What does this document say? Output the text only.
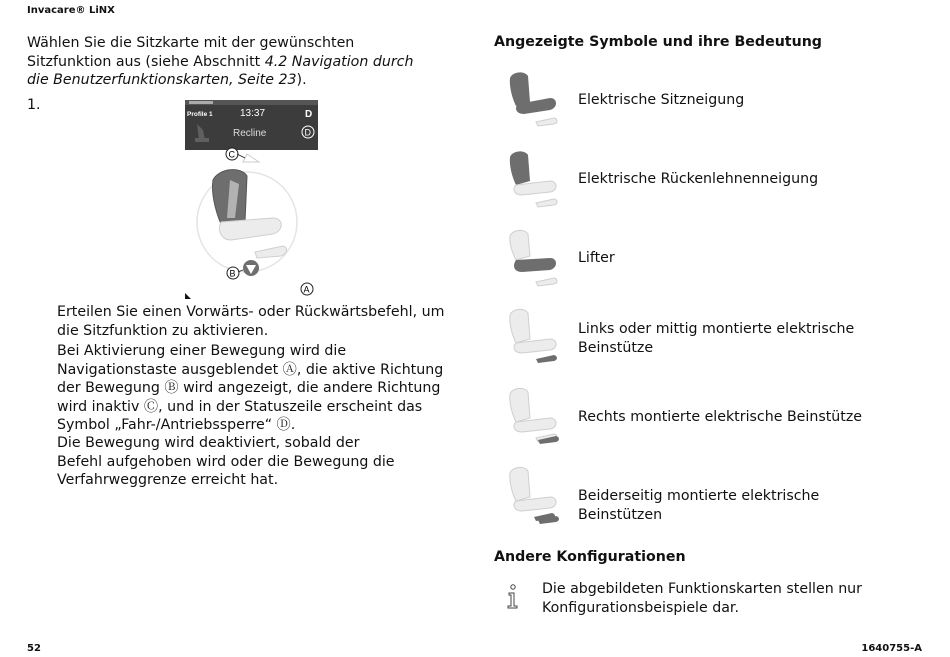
Invacare® LiNX
Wählen Sie die Sitzkarte mit der gewünschten Sitzfunktion aus (siehe Abschnitt 4.2 Navigation durch die Benutzerfunktionskarten, Seite 23).
1.
Profile 1	13:37	D
Recline	D
C
B
A
Erteilen Sie einen Vorwärts- oder Rückwärtsbefehl, um die Sitzfunktion zu aktivieren.
Bei Aktivierung einer Bewegung wird die Navigationstaste ausgeblendet Ⓐ, die aktive Richtung der Bewegung Ⓑ wird angezeigt, die andere Richtung wird inaktiv Ⓒ, und in der Statuszeile erscheint das Symbol „Fahr-/Antriebssperre“ Ⓓ.
Die Bewegung wird deaktiviert, sobald der Befehl aufgehoben wird oder die Bewegung die Verfahrweggrenze erreicht hat.
Angezeigte Symbole und ihre Bedeutung
Elektrische Sitzneigung
Elektrische Rückenlehnenneigung
Lifter
Links oder mittig montierte elektrische Beinstütze
Rechts montierte elektrische Beinstütze
Beiderseitig montierte elektrische Beinstützen
Andere Konfigurationen
Die abgebildeten Funktionskarten stellen nur Konfigurationsbeispiele dar.
52	1640755-A
